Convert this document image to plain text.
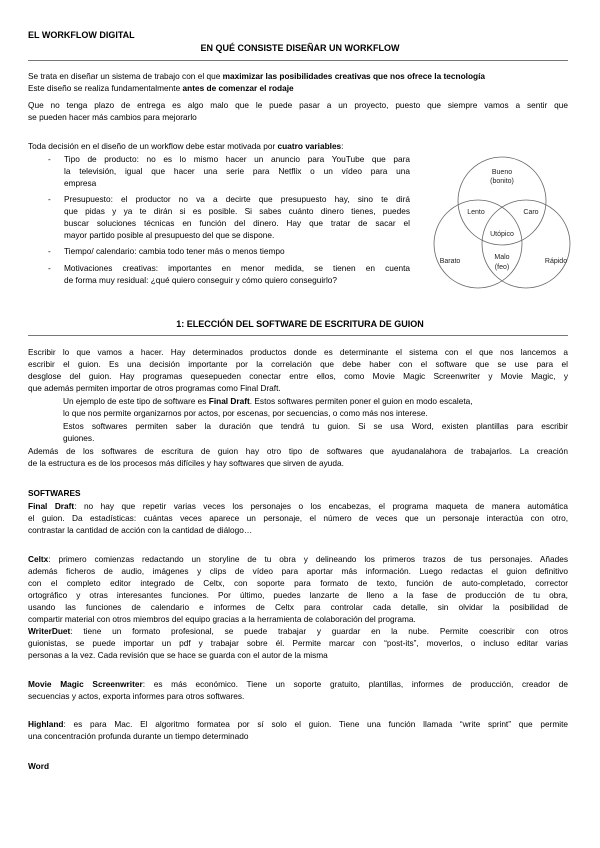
EL WORKFLOW DIGITAL
EN QUÉ CONSISTE DISEÑAR UN WORKFLOW
Se trata en diseñar un sistema de trabajo con el que maximizar las posibilidades creativas que nos ofrece la tecnología
Este diseño se realiza fundamentalmente antes de comenzar el rodaje
Que no tenga plazo de entrega es algo malo que le puede pasar a un proyecto, puesto que siempre vamos a sentir que
se pueden hacer más cambios para mejorarlo
Toda decisión en el diseño de un workflow debe estar motivada por cuatro variables:
- Tipo de producto: no es lo mismo hacer un anuncio para YouTube que para
la televisión, igual que hacer una serie para Netflix o un vídeo para una
empresa
- Presupuesto: el productor no va a decirte que presupuesto hay, sino te dirá
que pidas y ya te dirán si es posible. Si sabes cuánto dinero tienes, puedes
buscar soluciones técnicas en función del dinero. Hay que tratar de sacar el
mayor partido posible al presupuesto del que se dispone.
- Tiempo/ calendario: cambia todo tener más o menos tiempo
- Motivaciones creativas: importantes en menor medida, se tienen en cuenta
de forma muy residual: ¿qué quiero conseguir y cómo quiero conseguirlo?
Bueno
(bonito)
Lento	Caro
Utópico
Barato
Malo
(feo)
Rápido
1: ELECCIÓN DEL SOFTWARE DE ESCRITURA DE GUION
Escribir lo que vamos a hacer. Hay determinados productos donde es determinante el sistema con el que nos lancemos a
escribir el guion. Es una decisión importante por la correlación que debe haber con el software que se use para el
desglose del guion. Hay programas quesepueden conectar entre ellos, como Movie Magic Screenwriter y Movie Magic, y
que además permiten importar de otros programas como Final Draft.
Un ejemplo de este tipo de software es Final Draft. Estos softwares permiten poner el guion en modo escaleta,
lo que nos permite organizarnos por actos, por escenas, por secuencias, o como más nos interese.
Estos softwares permiten saber la duración que tendrá tu guion. Si se usa Word, existen plantillas para escribir
guiones.
Además de los softwares de escritura de guion hay otro tipo de softwares que ayudanalahora de trabajarlos. La creación
de la estructura es de los procesos más difíciles y hay softwares que sirven de ayuda.
SOFTWARES
Final Draft: no hay que repetir varias veces los personajes o los encabezas, el programa maqueta de manera automática
el guion. Da estadísticas: cuántas veces aparece un personaje, el número de veces que un personaje interactúa con otro,
contrastar la cantidad de acción con la cantidad de diálogo…
Celtx: primero comienzas redactando un storyline de tu obra y delineando los primeros trazos de tus personajes. Añades
además ficheros de audio, imágenes y clips de vídeo para aportar más información. Luego redactas el guion definitivo
con el completo editor integrado de Celtx, con soporte para formato de texto, función de auto-completado, corrector
ortográfico y otras interesantes funciones. Por último, puedes lanzarte de lleno a la fase de producción de tu obra,
usando las funciones de calendario e informes de Celtx para controlar cada detalle, sin olvidar la posibilidad de
compartir material con otros miembros del equipo gracias a la herramienta de colaboración del programa.
WriterDuet: tiene un formato profesional, se puede trabajar y guardar en la nube. Permite coescribir con otros
guionistas, se puede importar un pdf y trabajar sobre él. Permite marcar con “post-its”, moverlos, o incluso editar varias
personas a la vez. Cada revisión que se hace se guarda con el autor de la misma
Movie Magic Screenwriter: es más económico. Tiene un soporte gratuito, plantillas, informes de producción, creador de
secuencias y actos, exporta informes para otros softwares.
Highland: es para Mac. El algoritmo formatea por sí solo el guion. Tiene una función llamada “write sprint” que permite
una concentración profunda durante un tiempo determinado
Word
